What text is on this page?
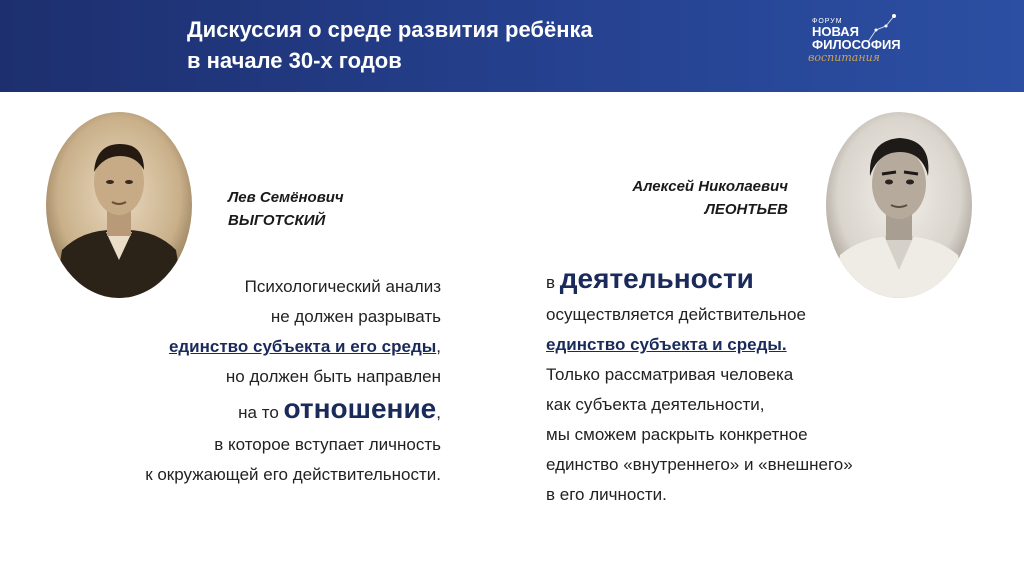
Дискуссия о среде развития ребёнка
в начале 30-х годов
ФОРУМ
НОВАЯ
ФИЛОСОФИЯ
воспитания
Лев Семёнович
ВЫГОТСКИЙ
Алексей Николаевич
ЛЕОНТЬЕВ
Психологический анализ
не должен разрывать
единство субъекта и его среды,
но должен быть направлен
на то отношение,
в которое вступает личность
к окружающей его действительности.
в деятельности
осуществляется действительное
единство субъекта и среды.
Только рассматривая человека
как субъекта деятельности,
мы сможем раскрыть конкретное
единство «внутреннего» и «внешнего»
в его личности.
